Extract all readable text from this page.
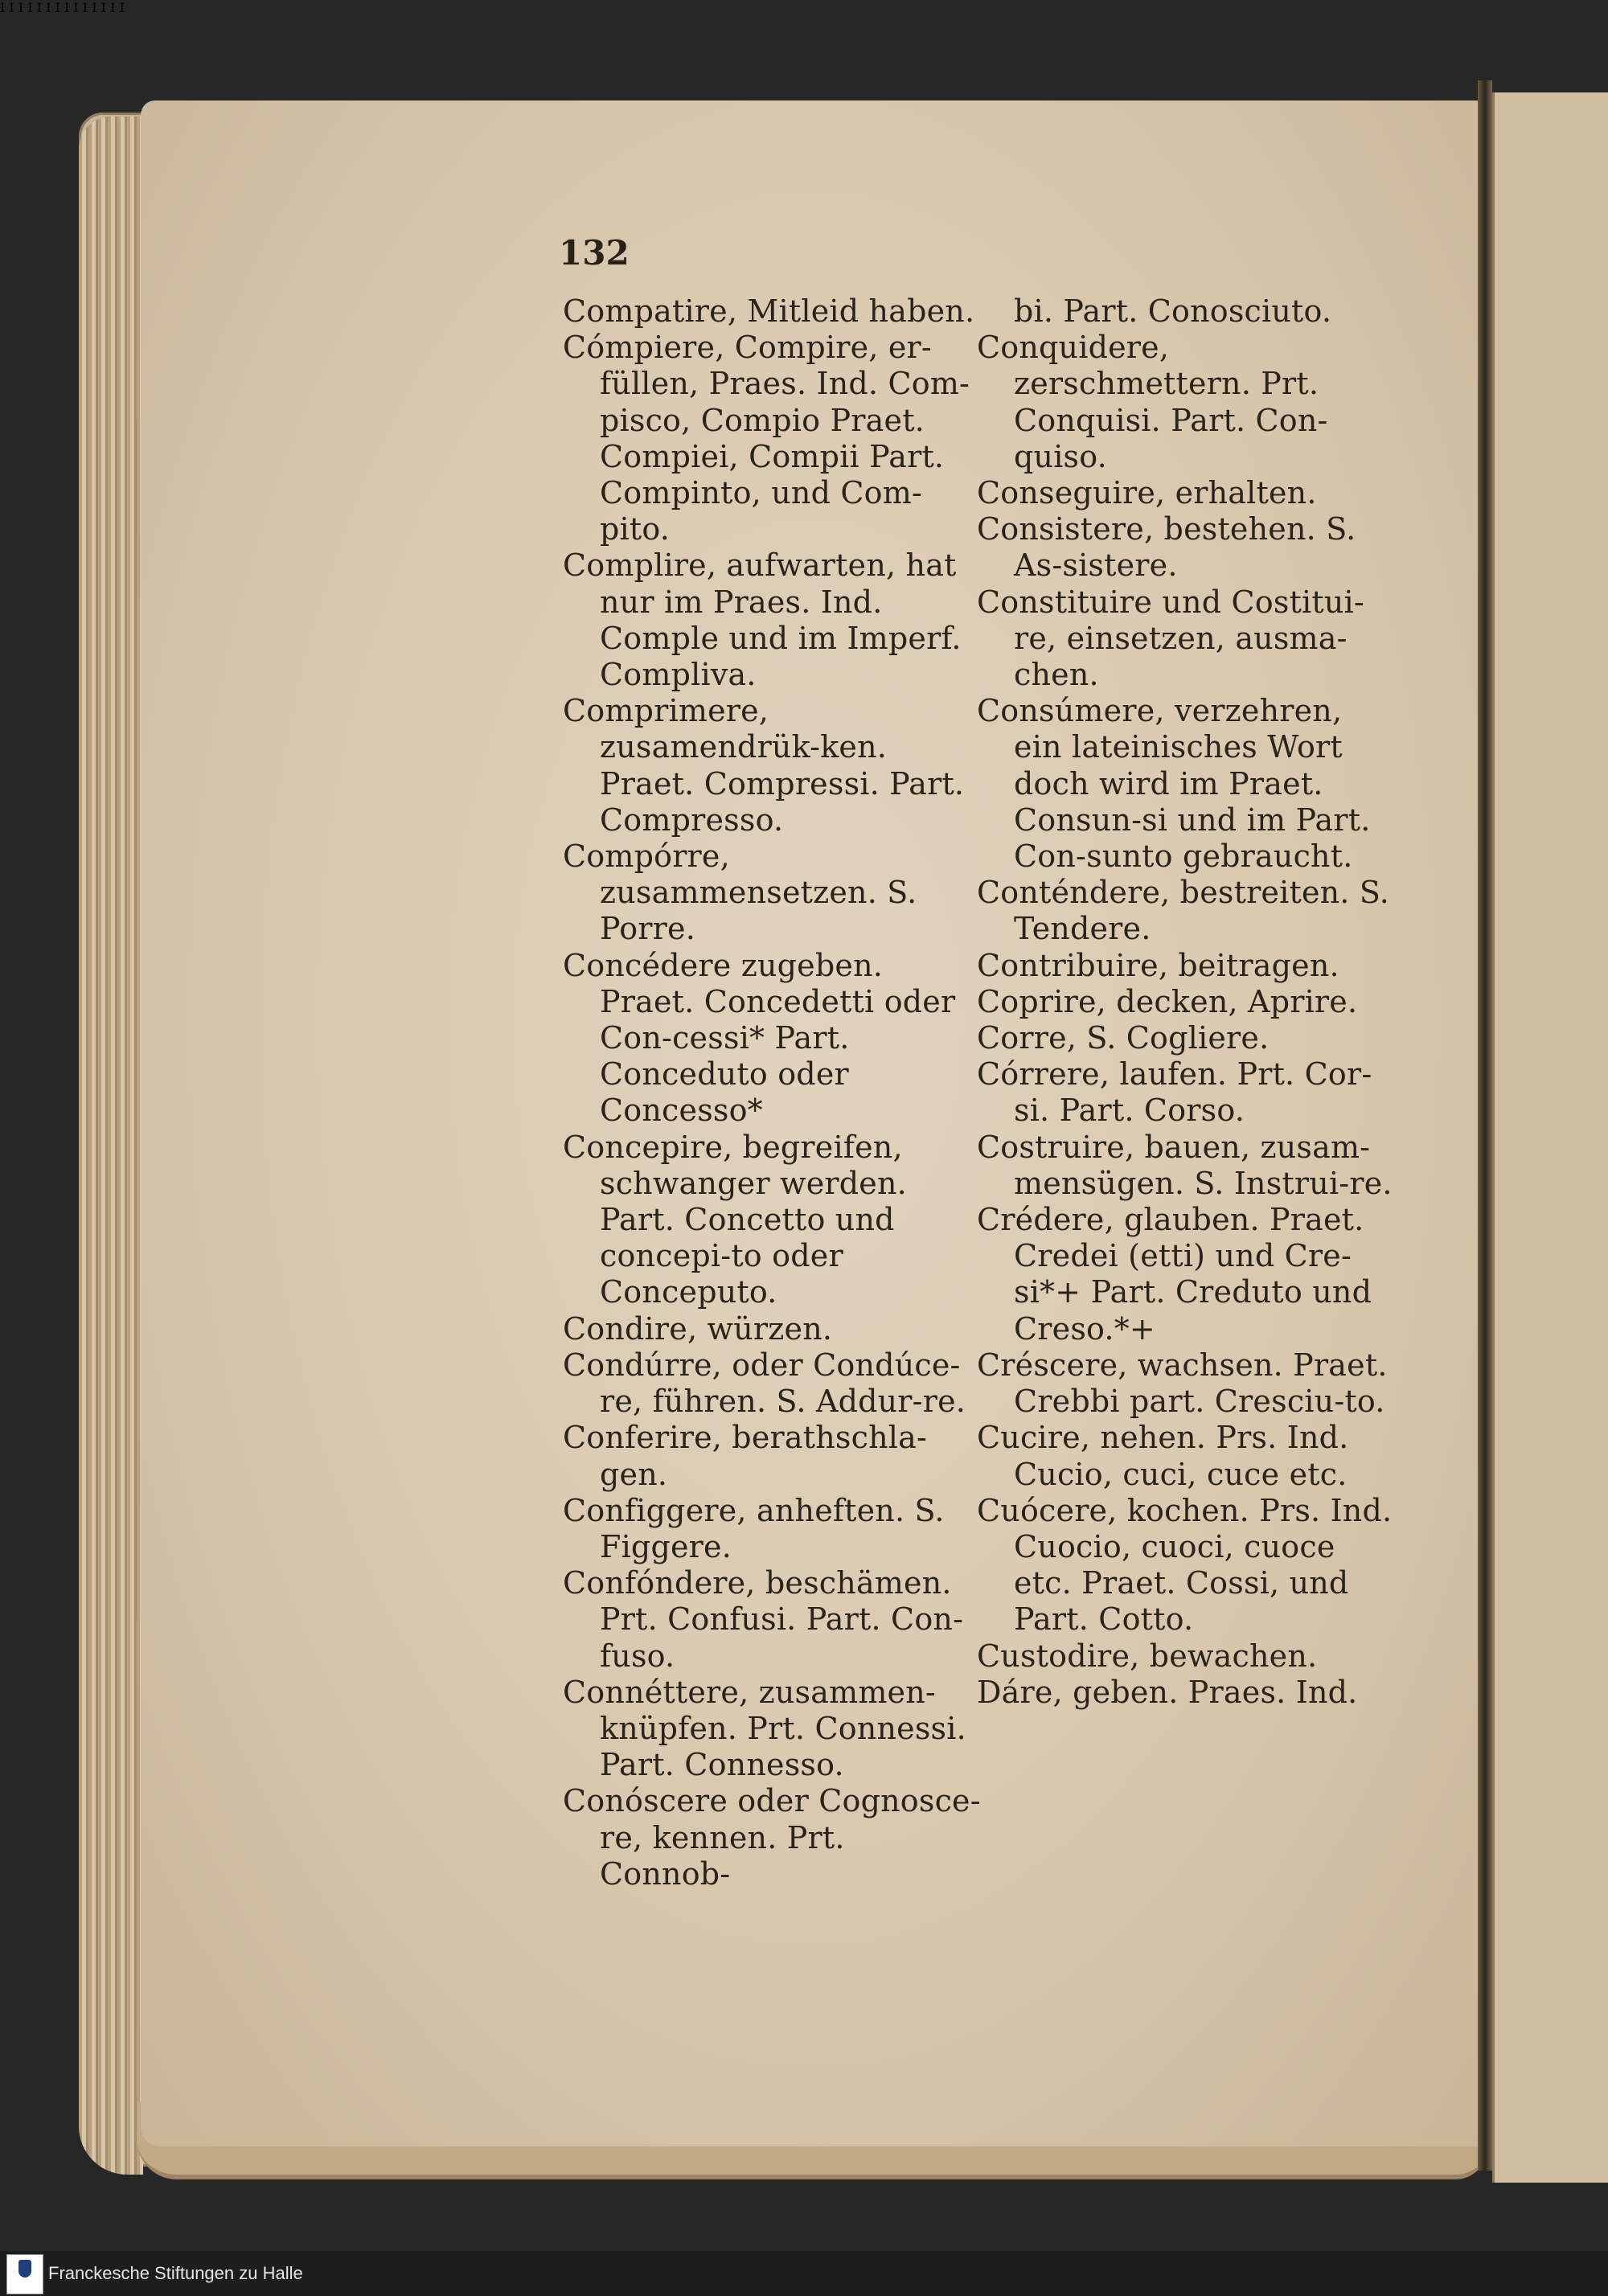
I I I I I I I I I I I I I I
132

Compatire, Mitleid haben.

Cómpiere, Compire, er-füllen, Praes. Ind. Com-pisco, Compio Praet. Compiei, Compii Part. Compinto, und Com-pito.

Complire, aufwarten, hat nur im Praes. Ind. Comple und im Imperf. Compliva.

Comprimere, zusamendrük-ken. Praet. Compressi. Part. Compresso.

Compórre, zusammensetzen. S. Porre.

Concédere zugeben. Praet. Concedetti oder Con-cessi* Part. Conceduto oder Concesso*

Concepire, begreifen, schwanger werden. Part. Concetto und concepi-to oder Conceputo.

Condire, würzen.

Condúrre, oder Condúce-re, führen. S. Addur-re.

Conferire, berathschla-gen.

Configgere, anheften. S. Figgere.

Confóndere, beschämen. Prt. Confusi. Part. Con-fuso.

Connéttere, zusammen-knüpfen. Prt. Connessi. Part. Connesso.

Conóscere oder Cognosce-re, kennen. Prt. Connob-

bi. Part. Conosciuto.

Conquidere, zerschmettern. Prt. Conquisi. Part. Con-quiso.

Conseguire, erhalten.

Consistere, bestehen. S. As-sistere.

Constituire und Costitui-re, einsetzen, ausma-chen.

Consúmere, verzehren, ein lateinisches Wort doch wird im Praet. Consun-si und im Part. Con-sunto gebraucht.

Conténdere, bestreiten. S. Tendere.

Contribuire, beitragen.

Coprire, decken, Aprire.

Corre, S. Cogliere.

Córrere, laufen. Prt. Cor-si. Part. Corso.

Costruire, bauen, zusam-mensügen. S. Instrui-re.

Crédere, glauben. Praet. Credei (etti) und Cre-si*+ Part. Creduto und Creso.*+

Créscere, wachsen. Praet. Crebbi part. Cresciu-to.

Cucire, nehen. Prs. Ind. Cucio, cuci, cuce etc.

Cuócere, kochen. Prs. Ind. Cuocio, cuoci, cuoce etc. Praet. Cossi, und Part. Cotto.

Custodire, bewachen.

Dáre, geben. Praes. Ind.

Franckesche Stiftungen zu Halle
